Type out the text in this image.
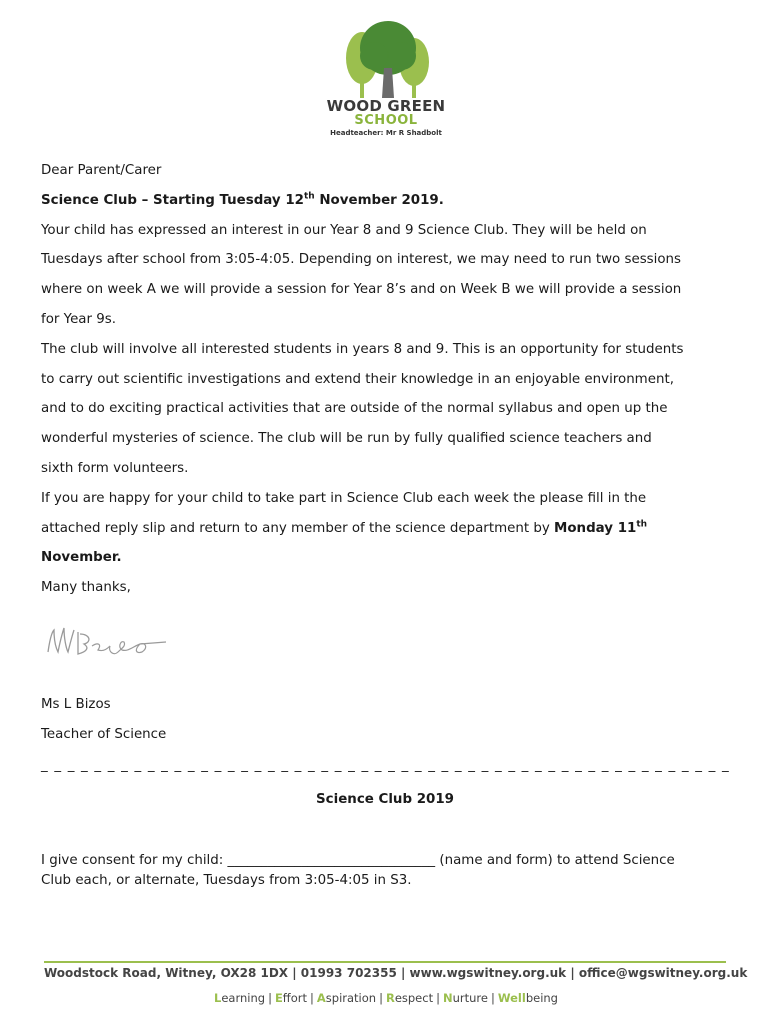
WOOD GREEN
SCHOOL
Headteacher: Mr R Shadbolt

Dear Parent/Carer

Science Club – Starting Tuesday 12th November 2019.

Your child has expressed an interest in our Year 8 and 9 Science Club. They will be held on

Tuesdays after school from 3:05-4:05. Depending on interest, we may need to run two sessions

where on week A we will provide a session for Year 8’s and on Week B we will provide a session

for Year 9s.

The club will involve all interested students in years 8 and 9. This is an opportunity for students

to carry out scientific investigations and extend their knowledge in an enjoyable environment,

and to do exciting practical activities that are outside of the normal syllabus and open up the

wonderful mysteries of science. The club will be run by fully qualified science teachers and

sixth form volunteers.

If you are happy for your child to take part in Science Club each week the please fill in the

attached reply slip and return to any member of the science department by Monday 11th

November.

Many thanks,

Ms L Bizos
Teacher of Science
_ _ _ _ _ _ _ _ _ _ _ _ _ _ _ _ _ _ _ _ _ _ _ _ _ _ _ _ _ _ _ _ _ _ _ _ _ _ _ _ _ _ _ _ _ _ _ _ _ _ _ _
Science Club 2019
I give consent for my child: _______________________________ (name and form) to attend Science
Club each, or alternate, Tuesdays from 3:05-4:05 in S3.
Woodstock Road, Witney, OX28 1DX | 01993 702355 | www.wgswitney.org.uk | office@wgswitney.org.uk
Learning | Effort | Aspiration | Respect | Nurture | Wellbeing
